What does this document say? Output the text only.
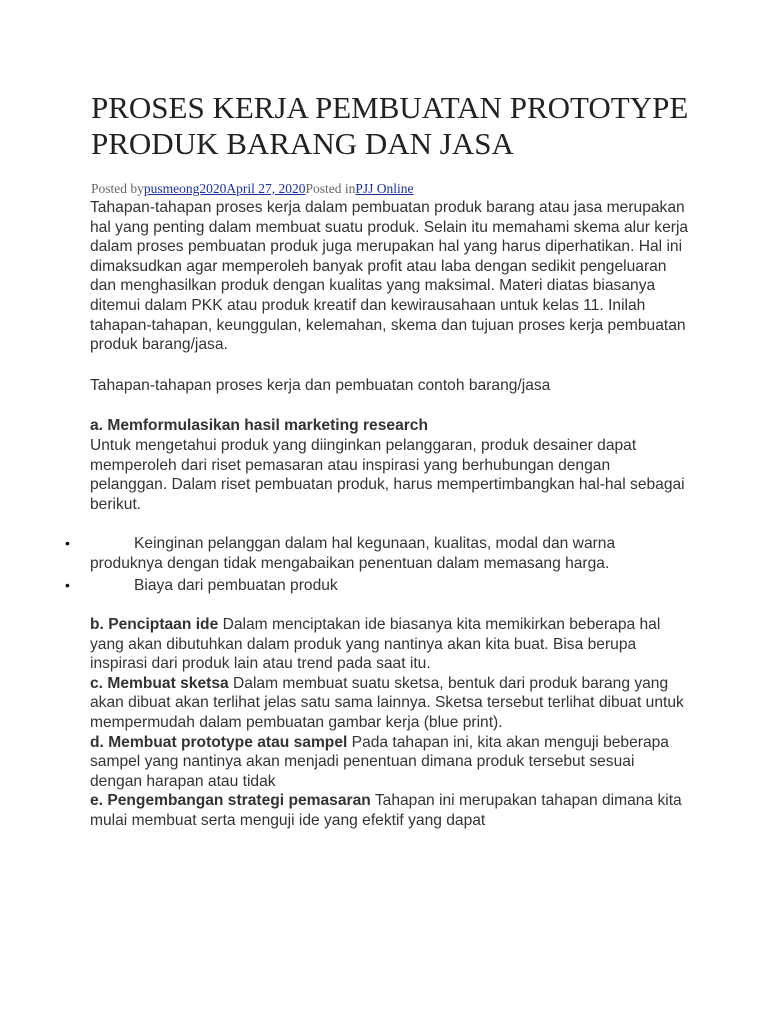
PROSES KERJA PEMBUATAN PROTOTYPE PRODUK BARANG DAN JASA
Posted bypusmeong2020April 27, 2020Posted inPJJ Online

Tahapan-tahapan proses kerja dalam pembuatan produk barang atau jasa merupakan hal yang penting dalam membuat suatu produk. Selain itu memahami skema alur kerja dalam proses pembuatan produk juga merupakan hal yang harus diperhatikan. Hal ini dimaksudkan agar memperoleh banyak profit atau laba dengan sedikit pengeluaran dan menghasilkan produk dengan kualitas yang maksimal. Materi diatas biasanya ditemui dalam PKK atau produk kreatif dan kewirausahaan untuk kelas 11. Inilah tahapan-tahapan, keunggulan, kelemahan, skema dan tujuan proses kerja pembuatan produk barang/jasa.

Tahapan-tahapan proses kerja dan pembuatan contoh barang/jasa

a. Memformulasikan hasil marketing research

Untuk mengetahui produk yang diinginkan pelanggaran, produk desainer dapat memperoleh dari riset pemasaran atau inspirasi yang berhubungan dengan pelanggan. Dalam riset pembuatan produk, harus mempertimbangkan hal-hal sebagai berikut.

•	Keinginan pelanggan dalam hal kegunaan, kualitas, modal dan warna produknya dengan tidak mengabaikan penentuan dalam memasang harga.
•	Biaya dari pembuatan produk

b. Penciptaan ide Dalam menciptakan ide biasanya kita memikirkan beberapa hal yang akan dibutuhkan dalam produk yang nantinya akan kita buat. Bisa berupa inspirasi dari produk lain atau trend pada saat itu.

c. Membuat sketsa Dalam membuat suatu sketsa, bentuk dari produk barang yang akan dibuat akan terlihat jelas satu sama lainnya. Sketsa tersebut terlihat dibuat untuk mempermudah dalam pembuatan gambar kerja (blue print).

d. Membuat prototype atau sampel Pada tahapan ini, kita akan menguji beberapa sampel yang nantinya akan menjadi penentuan dimana produk tersebut sesuai dengan harapan atau tidak

e. Pengembangan strategi pemasaran Tahapan ini merupakan tahapan dimana kita mulai membuat serta menguji ide yang efektif yang dapat
